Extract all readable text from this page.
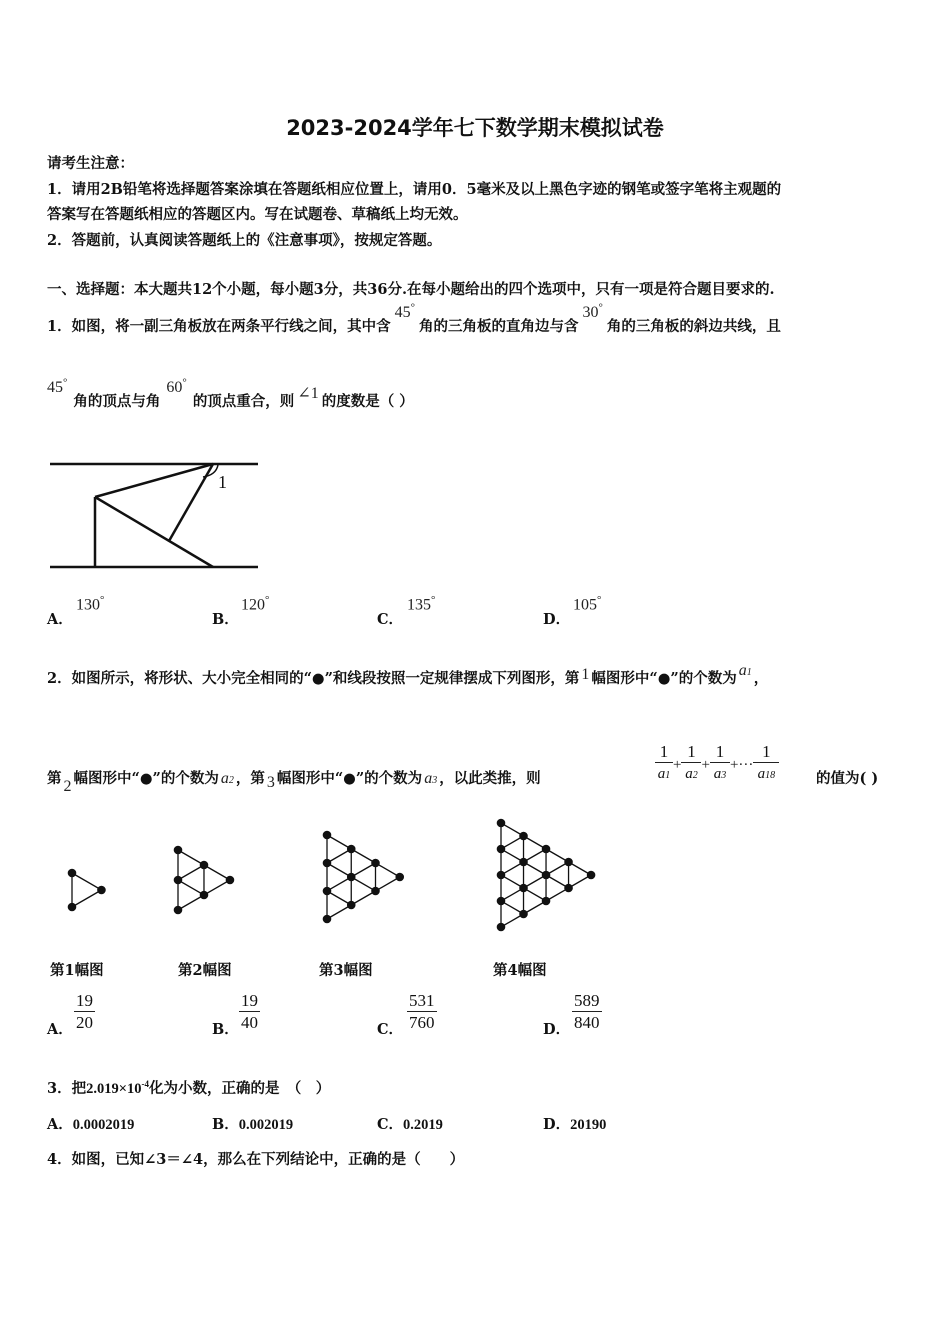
2023-2024学年七下数学期末模拟试卷
请考生注意：
1．请用2B铅笔将选择题答案涂填在答题纸相应位置上，请用0．5毫米及以上黑色字迹的钢笔或签字笔将主观题的
答案写在答题纸相应的答题区内。写在试题卷、草稿纸上均无效。
2．答题前，认真阅读答题纸上的《注意事项》，按规定答题。
一、选择题：本大题共12个小题，每小题3分，共36分.在每小题给出的四个选项中，只有一项是符合题目要求的.
1．如图，将一副三角板放在两条平行线之间，其中含45°角的三角板的直角边与含30°角的三角板的斜边共线，且
45°角的顶点与角60°的顶点重合，则 ∠1 的度数是（ ）
1
A．
130°
B．
120°
C．
135°
D．
105°
2．如图所示，将形状、大小完全相同的“●”和线段按照一定规律摆成下列图形，第 1 幅图形中“●”的个数为 a1 ，
第 2 幅图形中“●”的个数为 a2 ，第 3 幅图形中“●”的个数为 a3 ，以此类推，则	$\frac{1}{a1} + \frac{1}{a2} + \frac{1}{a3}$ +··· $\frac{1}{a18}$	的值为( )
第1幅图	第2幅图	第3幅图	第4幅图
A． $\frac{19}{20}$	B． $\frac{19}{40}$	C． $\frac{531}{760}$	D． $\frac{589}{840}$
3．把$2.019\times 10^{-4}$化为小数，正确的是　（　）
A．0.0002019	B．0.002019	C．0.2019	D．20190
4．如图，已知∠3＝∠4，那么在下列结论中，正确的是（　　）
